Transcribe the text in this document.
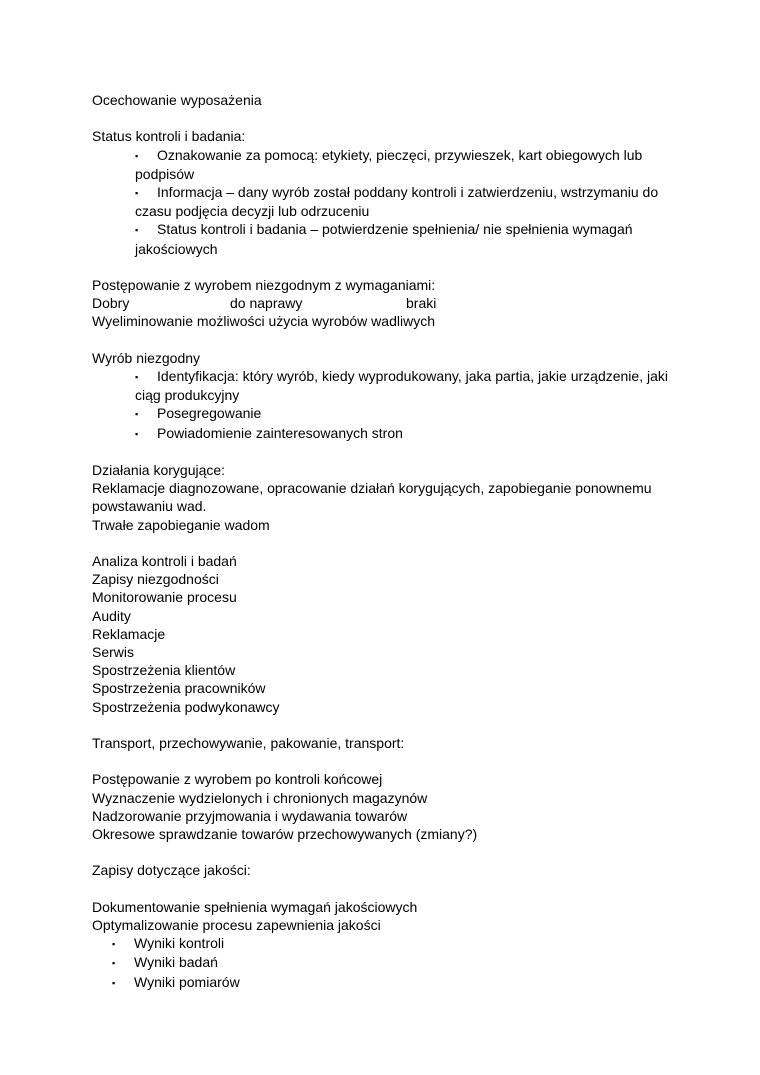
Ocechowanie wyposażenia

Status kontroli i badania:

▪ Oznakowanie za pomocą: etykiety, pieczęci, przywieszek, kart obiegowych lub podpisów
▪ Informacja – dany wyrób został poddany kontroli i zatwierdzeniu, wstrzymaniu do czasu podjęcia decyzji lub odrzuceniu
▪ Status kontroli i badania – potwierdzenie spełnienia/ nie spełnienia wymagań jakościowych

Postępowanie z wyrobem niezgodnym z wymaganiami:

Dobry	do naprawy	braki

Wyeliminowanie możliwości użycia wyrobów wadliwych

Wyrób niezgodny

▪ Identyfikacja: który wyrób, kiedy wyprodukowany, jaka partia, jakie urządzenie, jaki ciąg produkcyjny
▪ Posegregowanie
▪ Powiadomienie zainteresowanych stron

Działania korygujące:

Reklamacje diagnozowane, opracowanie działań korygujących, zapobieganie ponownemu powstawaniu wad.

Trwałe zapobieganie wadom

Analiza kontroli i badań

Zapisy niezgodności

Monitorowanie procesu

Audity

Reklamacje

Serwis

Spostrzeżenia klientów

Spostrzeżenia pracowników

Spostrzeżenia podwykonawcy

Transport, przechowywanie, pakowanie, transport:

Postępowanie z wyrobem po kontroli końcowej

Wyznaczenie wydzielonych i chronionych magazynów

Nadzorowanie przyjmowania i wydawania towarów

Okresowe sprawdzanie towarów przechowywanych (zmiany?)

Zapisy dotyczące jakości:

Dokumentowanie spełnienia wymagań jakościowych

Optymalizowanie procesu zapewnienia jakości

▪ Wyniki kontroli
▪ Wyniki badań
▪ Wyniki pomiarów
